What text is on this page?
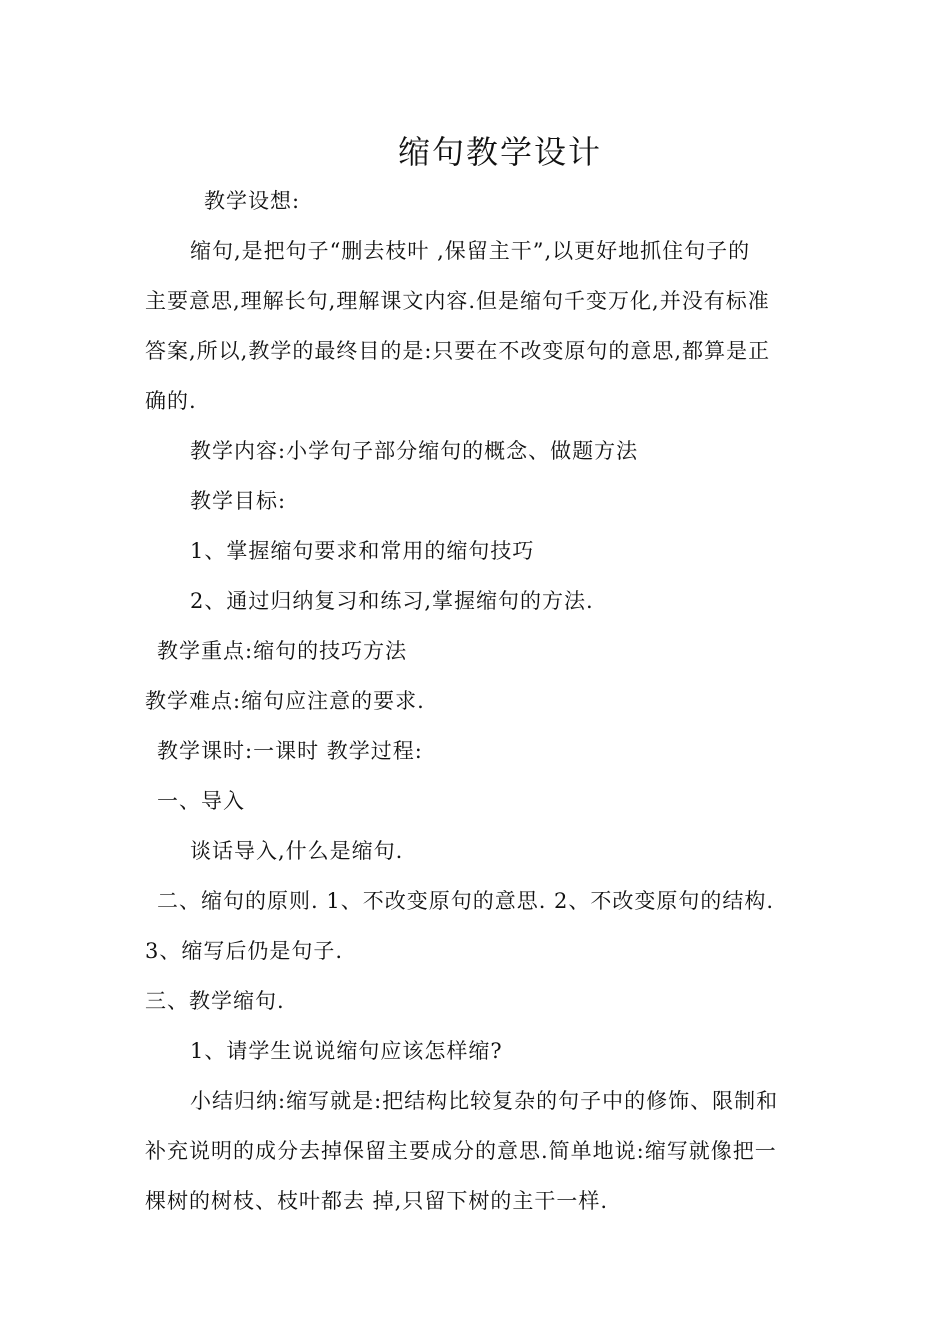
缩句教学设计
教学设想:
缩句,是把句子“删去枝叶 ,保留主干”,以更好地抓住句子的
主要意思,理解长句,理解课文内容.但是缩句千变万化,并没有标准
答案,所以,教学的最终目的是:只要在不改变原句的意思,都算是正
确的.
教学内容:小学句子部分缩句的概念、做题方法
教学目标:
1、掌握缩句要求和常用的缩句技巧
2、通过归纳复习和练习,掌握缩句的方法.
教学重点:缩句的技巧方法
教学难点:缩句应注意的要求.
教学课时:一课时 教学过程:
一、导入
谈话导入,什么是缩句.
二、缩句的原则. 1、不改变原句的意思. 2、不改变原句的结构.
3、缩写后仍是句子.
三、教学缩句.
1、请学生说说缩句应该怎样缩?
小结归纳:缩写就是:把结构比较复杂的句子中的修饰、限制和
补充说明的成分去掉保留主要成分的意思.简单地说:缩写就像把一
棵树的树枝、枝叶都去 掉,只留下树的主干一样.
